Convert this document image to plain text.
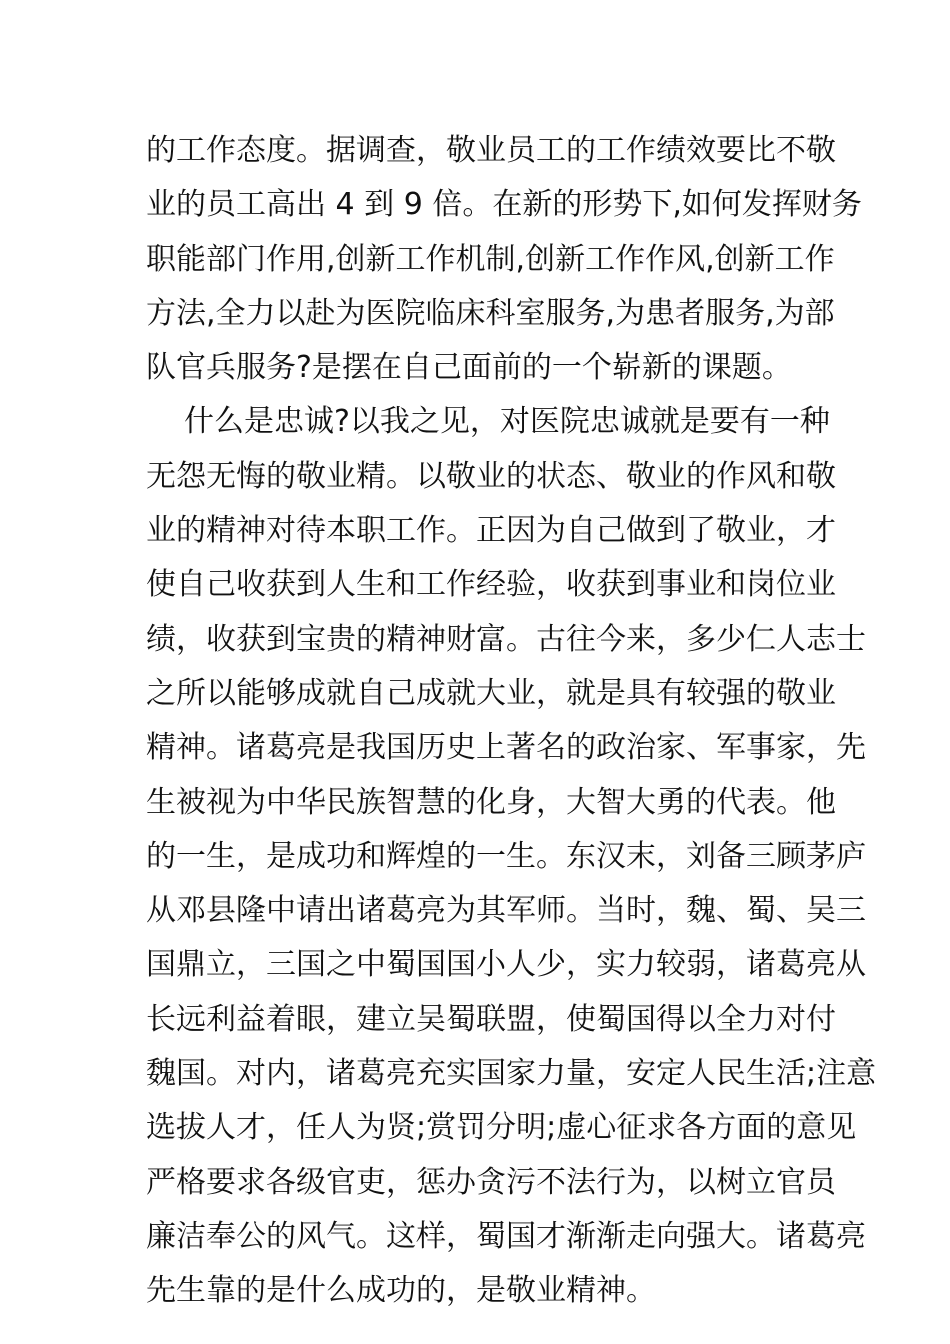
的工作态度。据调查，敬业员工的工作绩效要比不敬
业的员工高出 4 到 9 倍。在新的形势下,如何发挥财务
职能部门作用,创新工作机制,创新工作作风,创新工作
方法,全力以赴为医院临床科室服务,为患者服务,为部
队官兵服务?是摆在自己面前的一个崭新的课题。
什么是忠诚?以我之见，对医院忠诚就是要有一种
无怨无悔的敬业精。以敬业的状态、敬业的作风和敬
业的精神对待本职工作。正因为自己做到了敬业，才
使自己收获到人生和工作经验，收获到事业和岗位业
绩，收获到宝贵的精神财富。古往今来，多少仁人志士
之所以能够成就自己成就大业，就是具有较强的敬业
精神。诸葛亮是我国历史上著名的政治家、军事家，先
生被视为中华民族智慧的化身，大智大勇的代表。他
的一生，是成功和辉煌的一生。东汉末，刘备三顾茅庐
从邓县隆中请出诸葛亮为其军师。当时，魏、蜀、吴三
国鼎立，三国之中蜀国国小人少，实力较弱，诸葛亮从
长远利益着眼，建立吴蜀联盟，使蜀国得以全力对付
魏国。对内，诸葛亮充实国家力量，安定人民生活;注意
选拔人才，任人为贤;赏罚分明;虚心征求各方面的意见
严格要求各级官吏，惩办贪污不法行为，以树立官员
廉洁奉公的风气。这样，蜀国才渐渐走向强大。诸葛亮
先生靠的是什么成功的，是敬业精神。
